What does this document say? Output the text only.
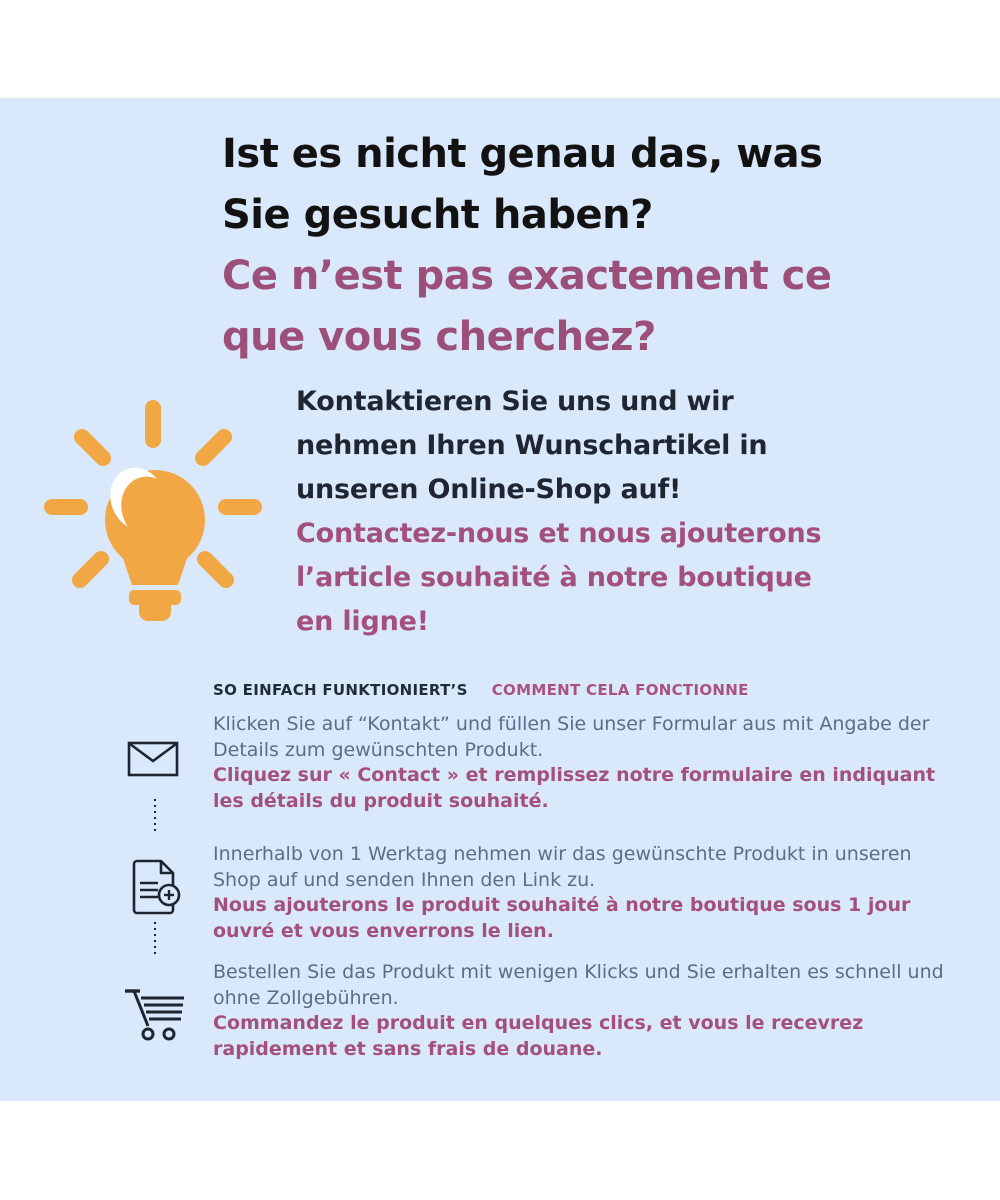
Ist es nicht genau das, was
Sie gesucht haben?
Ce n’est pas exactement ce
que vous cherchez?
Kontaktieren Sie uns und wir
nehmen Ihren Wunschartikel in
unseren Online-Shop auf!
Contactez-nous et nous ajouterons
l’article souhaité à notre boutique
en ligne!
SO EINFACH FUNKTIONIERT’S COMMENT CELA FONCTIONNE

Klicken Sie auf “Kontakt” und füllen Sie unser Formular aus mit Angabe der Details zum gewünschten Produkt.

Cliquez sur « Contact » et remplissez notre formulaire en indiquant les détails du produit souhaité.

Innerhalb von 1 Werktag nehmen wir das gewünschte Produkt in unseren Shop auf und senden Ihnen den Link zu.

Nous ajouterons le produit souhaité à notre boutique sous 1 jour ouvré et vous enverrons le lien.

Bestellen Sie das Produkt mit wenigen Klicks und Sie erhalten es schnell und ohne Zollgebühren.

Commandez le produit en quelques clics, et vous le recevrez rapidement et sans frais de douane.
